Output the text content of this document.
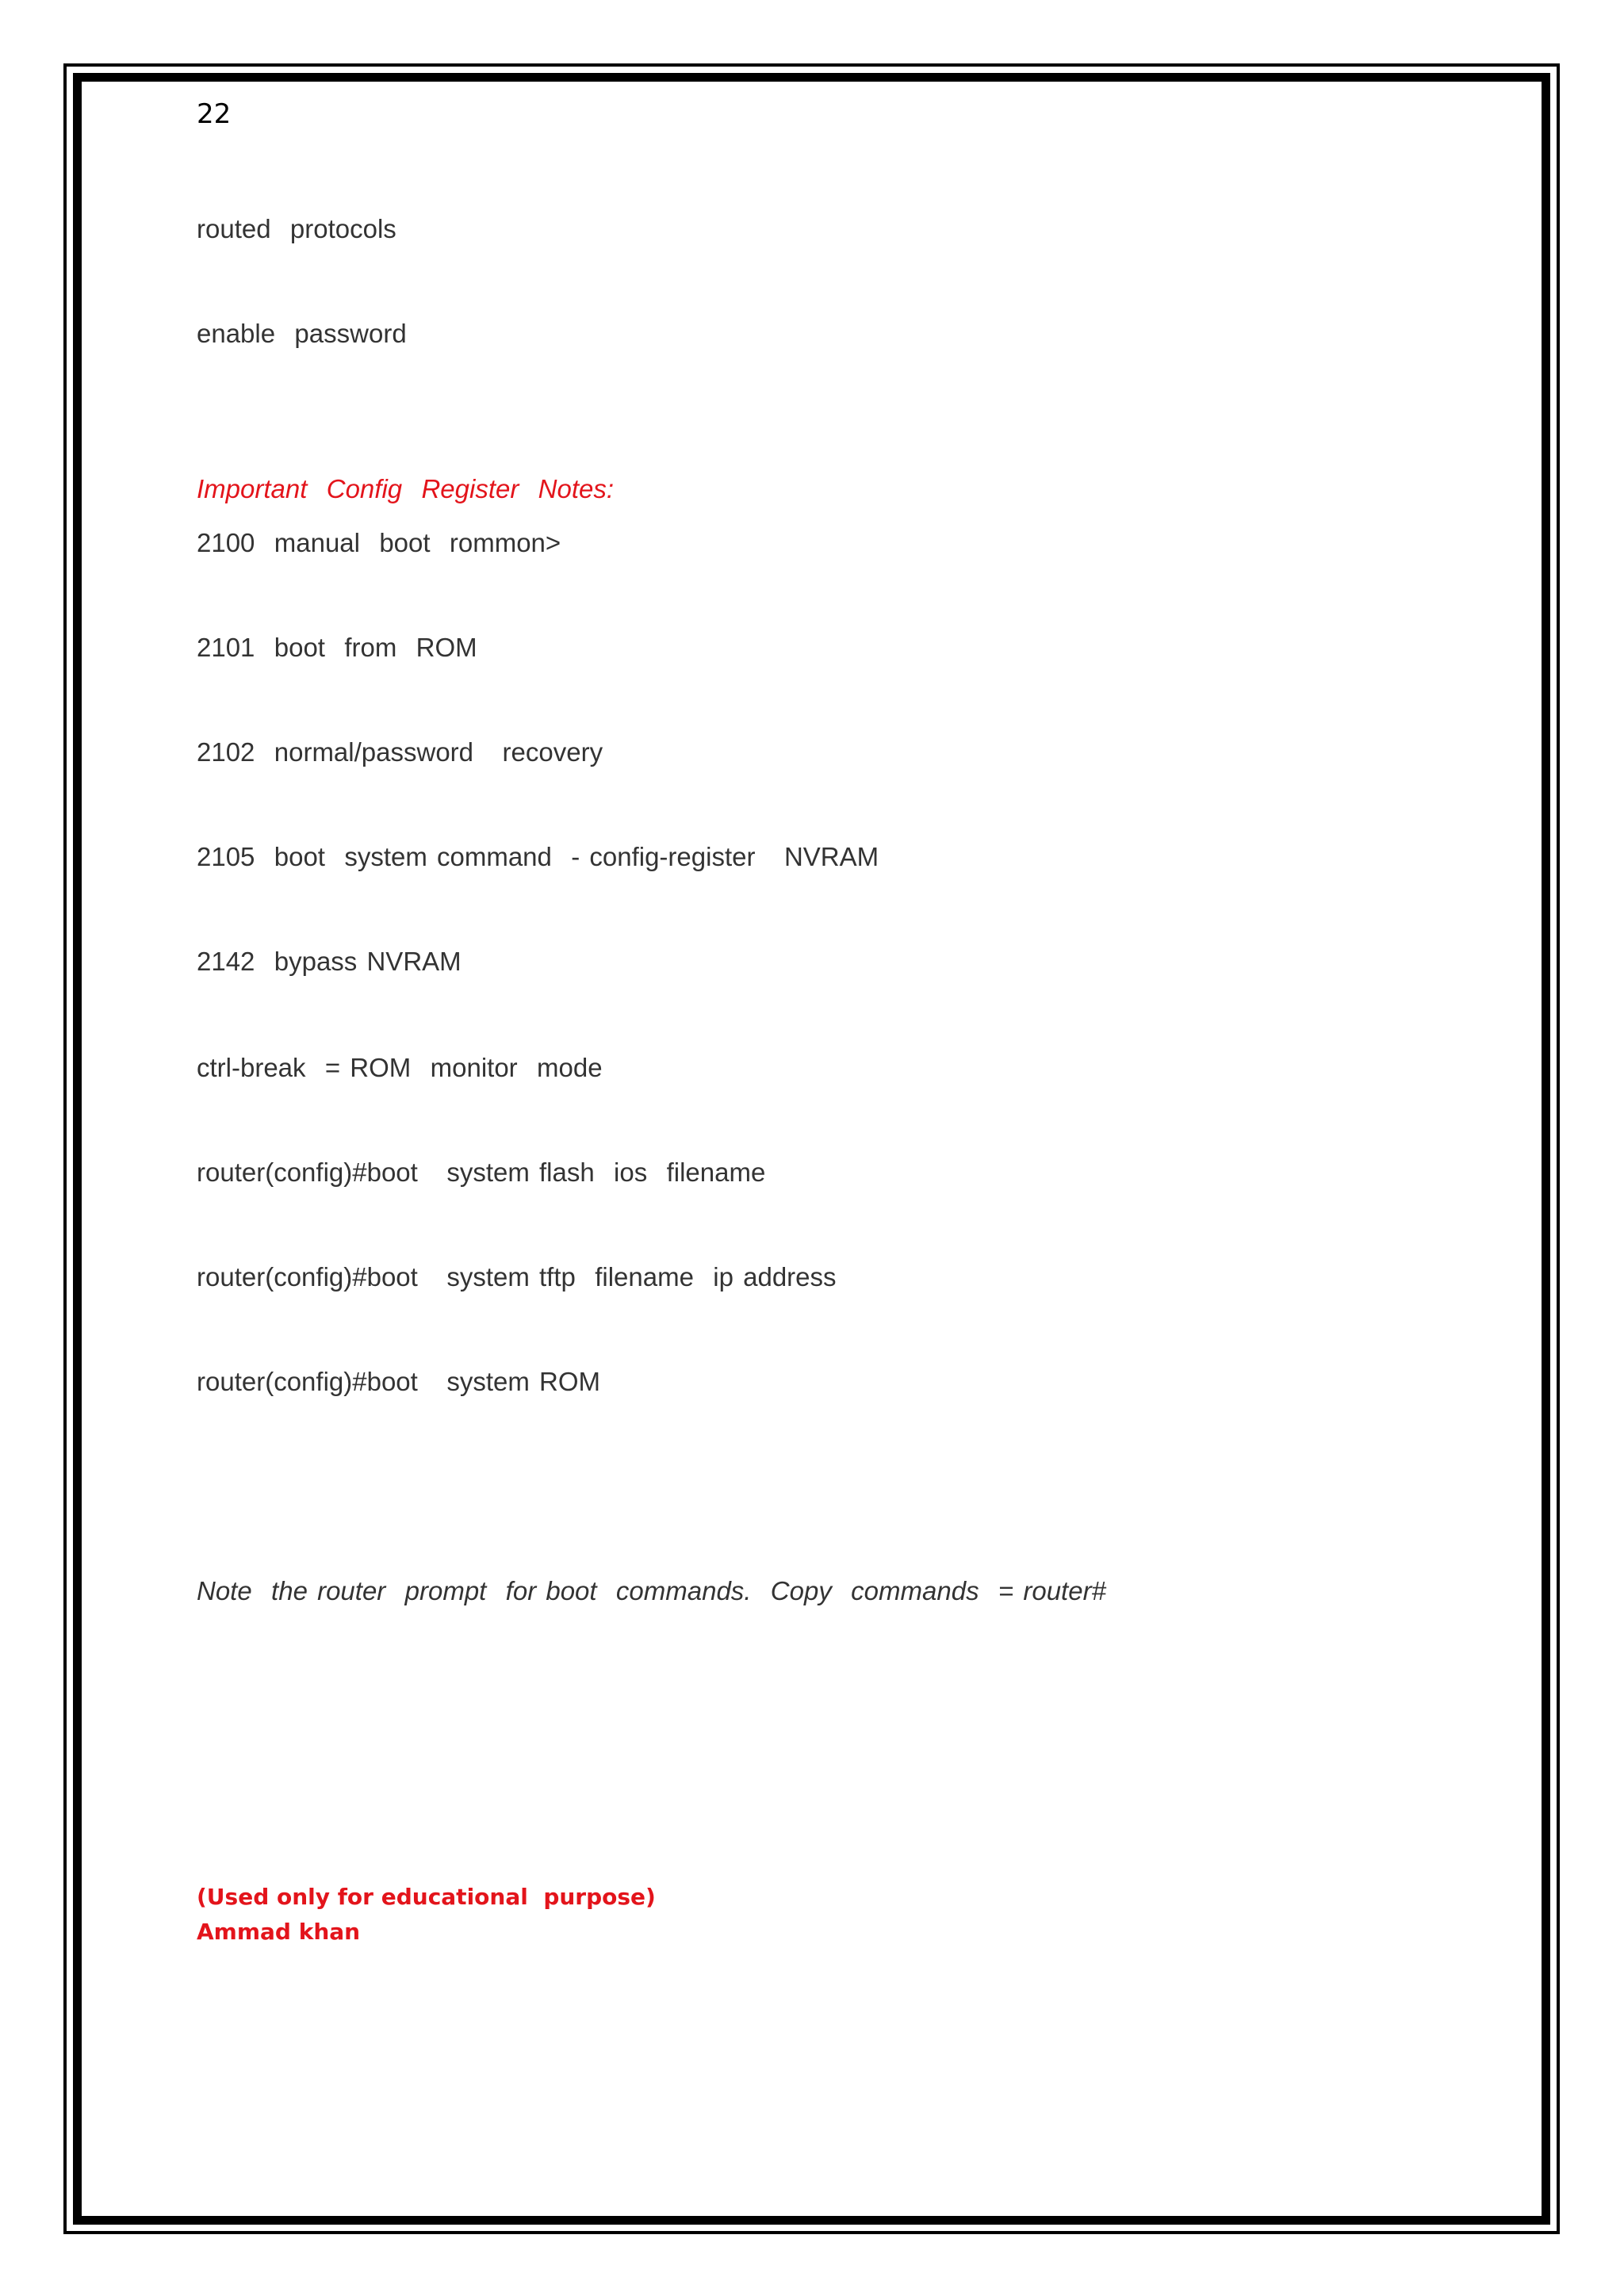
22
routed  protocols
enable  password
Important  Config  Register  Notes:
2100  manual  boot  rommon>
2101  boot  from  ROM
2102  normal/password   recovery
2105  boot  system command  - config-register   NVRAM
2142  bypass NVRAM
ctrl-break  = ROM  monitor  mode
router(config)#boot   system flash  ios  filename
router(config)#boot   system tftp  filename  ip address
router(config)#boot   system ROM
Note  the router  prompt  for boot  commands.  Copy  commands  = router#
(Used only for educational  purpose)
Ammad khan
